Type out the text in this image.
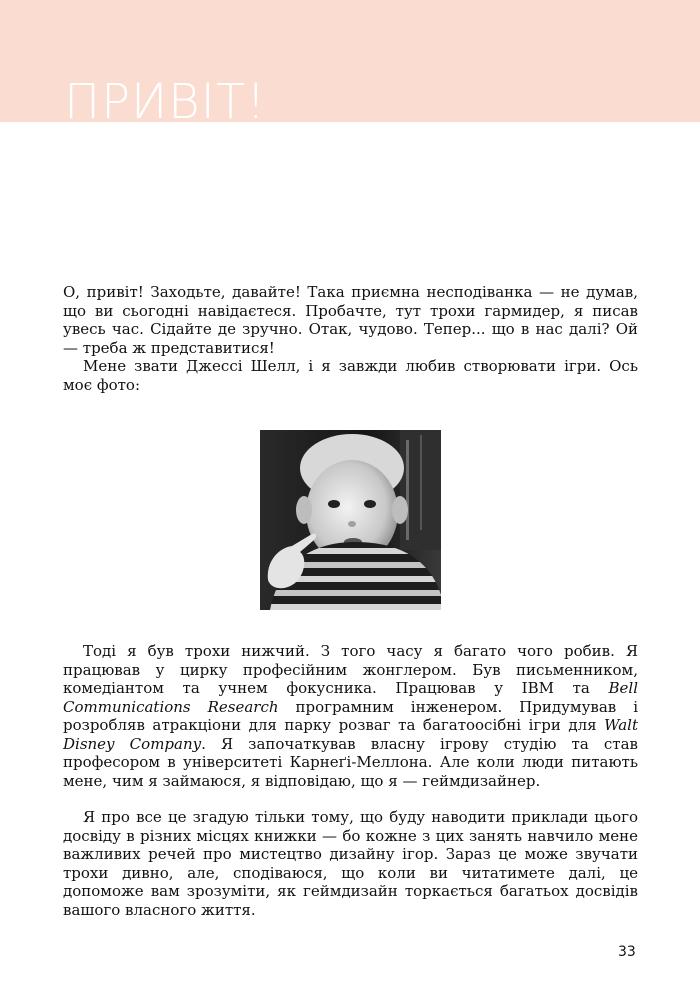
ПРИВІТ!

О, привіт! Заходьте, давайте! Така приємна несподіванка — не думав, що ви сьогодні навідаєтеся. Пробачте, тут трохи гармидер, я писав увесь час. Сідайте де зручно. Отак, чудово. Тепер... що в нас далі? Ой — треба ж представитися!

Мене звати Джессі Шелл, і я завжди любив створювати ігри. Ось моє фото:

Тоді я був трохи нижчий. З того часу я багато чого робив. Я працював у цирку професійним жонглером. Був письменником, комедіантом та учнем фокусника. Працював у IBM та Bell Communications Research програмним інженером. Придумував і розробляв атракціони для парку розваг та багатоосібні ігри для Walt Disney Company. Я започаткував власну ігрову студію та став професором в університеті Карнеґі-Меллона. Але коли люди питають мене, чим я займаюся, я відповідаю, що я — геймдизайнер.
Я про все це згадую тільки тому, що буду наводити приклади цього досвіду в різних місцях книжки — бо кожне з цих занять навчило мене важливих речей про мистецтво дизайну ігор. Зараз це може звучати трохи дивно, але, сподіваюся, що коли ви читатимете далі, це допоможе вам зрозуміти, як геймдизайн торкається багатьох досвідів вашого власного життя.
33
